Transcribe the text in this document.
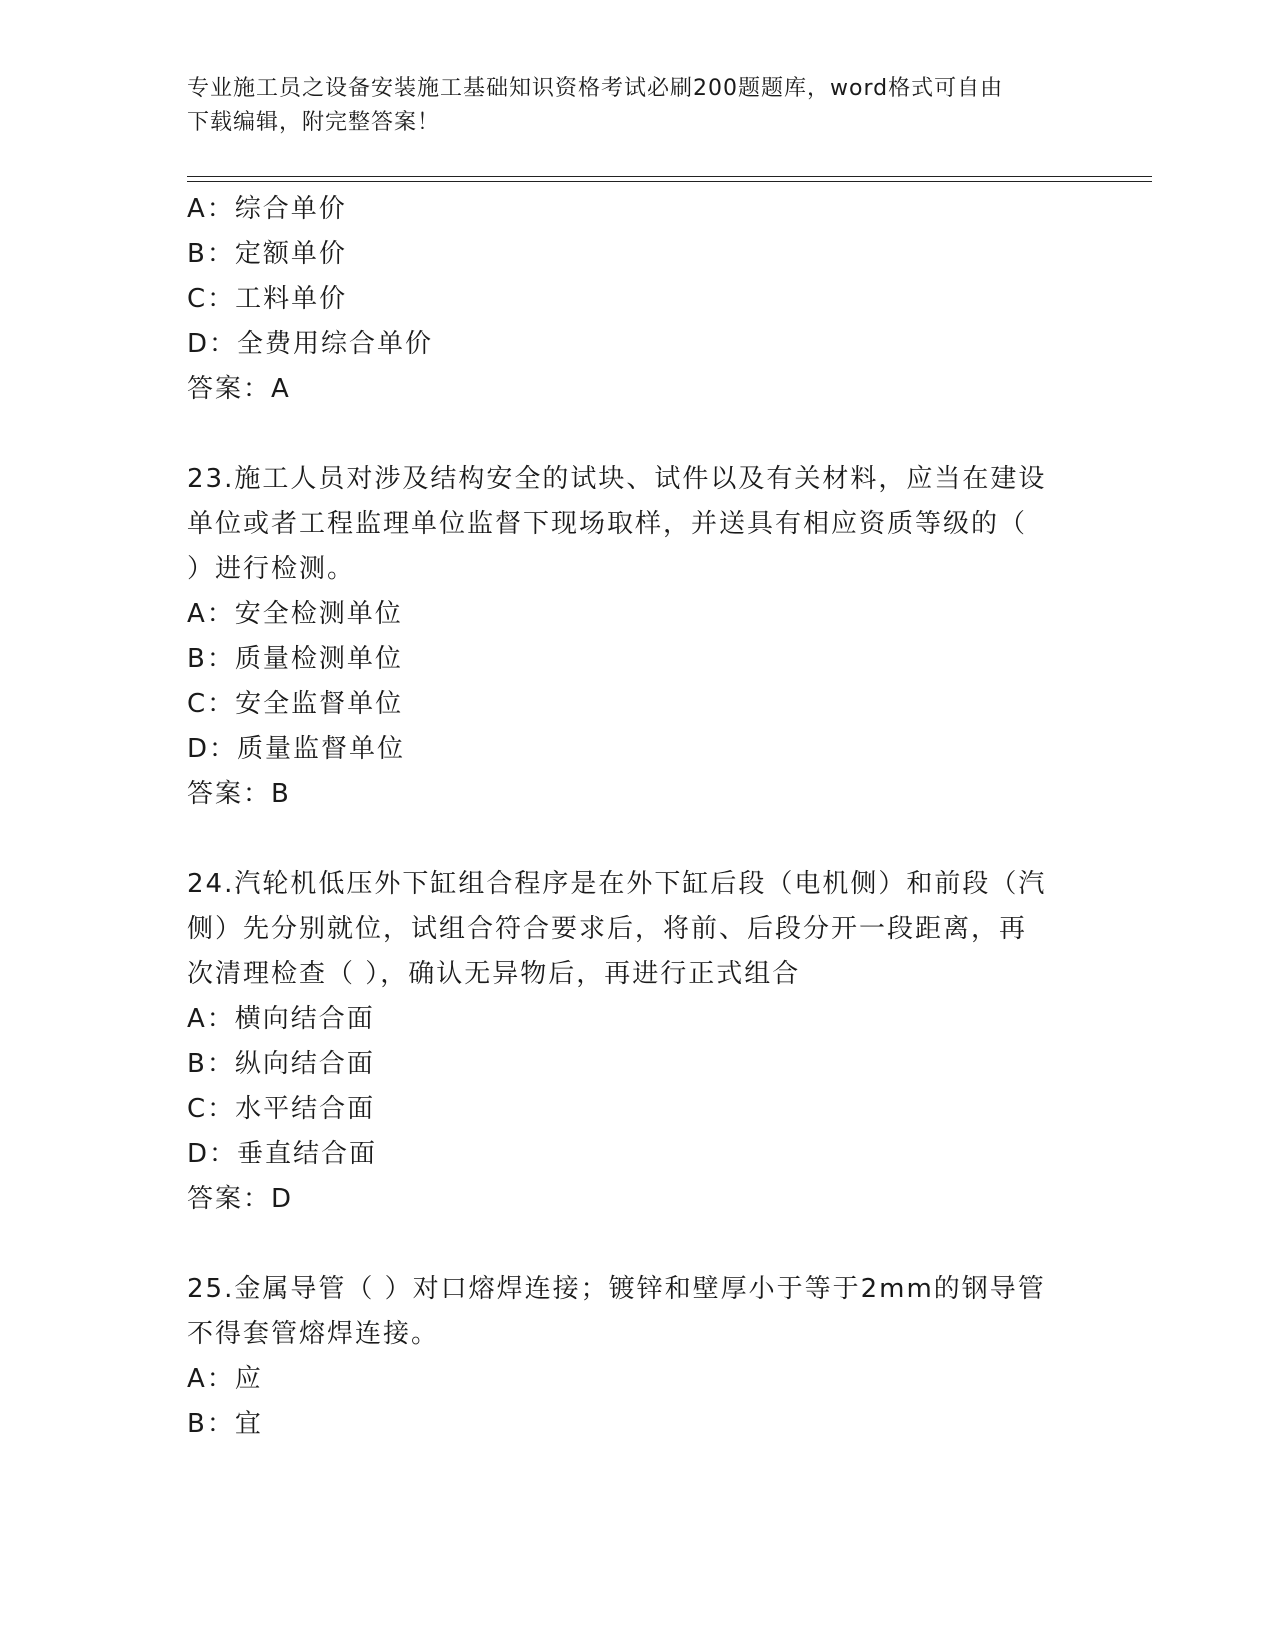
专业施工员之设备安装施工基础知识资格考试必刷200题题库，word格式可自由
下载编辑，附完整答案！
A：综合单价
B：定额单价
C：工料单价
D：全费用综合单价
答案：A
23.施工人员对涉及结构安全的试块、试件以及有关材料，应当在建设
单位或者工程监理单位监督下现场取样，并送具有相应资质等级的（
）进行检测。
A：安全检测单位
B：质量检测单位
C：安全监督单位
D：质量监督单位
答案：B
24.汽轮机低压外下缸组合程序是在外下缸后段（电机侧）和前段（汽
侧）先分别就位，试组合符合要求后，将前、后段分开一段距离，再
次清理检查（ ），确认无异物后，再进行正式组合
A：横向结合面
B：纵向结合面
C：水平结合面
D：垂直结合面
答案：D
25.金属导管（ ）对口熔焊连接；镀锌和壁厚小于等于2mm的钢导管
不得套管熔焊连接。
A：应
B：宜
